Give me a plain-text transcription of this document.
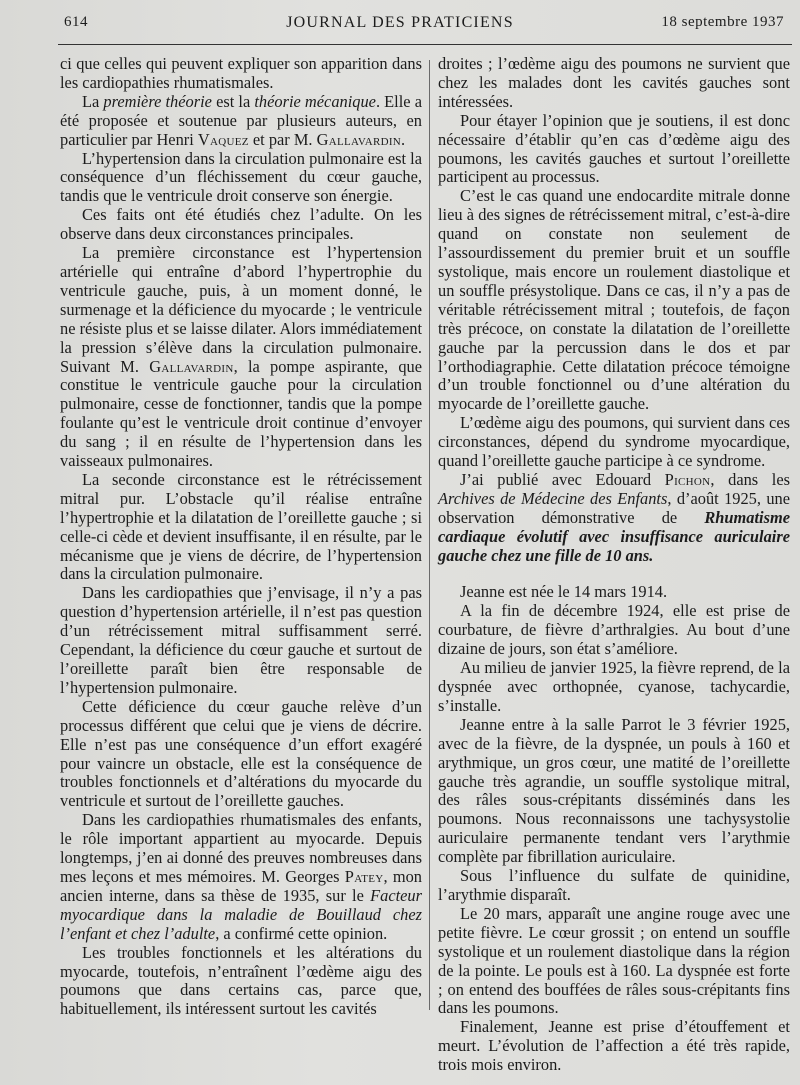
614	JOURNAL DES PRATICIENS	18 septembre 1937

ci que celles qui peuvent expliquer son apparition dans les cardiopathies rhumatismales.

La première théorie est la théorie mécanique. Elle a été proposée et soutenue par plusieurs auteurs, en particulier par Henri Vaquez et par M. Gallavardin.

L’hypertension dans la circulation pulmonaire est la conséquence d’un fléchissement du cœur gauche, tandis que le ventricule droit conserve son énergie.

Ces faits ont été étudiés chez l’adulte. On les observe dans deux circonstances principales.

La première circonstance est l’hypertension artérielle qui entraîne d’abord l’hypertrophie du ventricule gauche, puis, à un moment donné, le surmenage et la déficience du myocarde ; le ventricule ne résiste plus et se laisse dilater. Alors immédiatement la pression s’élève dans la circulation pulmonaire. Suivant M. Gallavardin, la pompe aspirante, que constitue le ventricule gauche pour la circulation pulmonaire, cesse de fonctionner, tandis que la pompe foulante qu’est le ventricule droit continue d’envoyer du sang ; il en résulte de l’hypertension dans les vaisseaux pulmonaires.

La seconde circonstance est le rétrécissement mitral pur. L’obstacle qu’il réalise entraîne l’hypertrophie et la dilatation de l’oreillette gauche ; si celle-ci cède et devient insuffisante, il en résulte, par le mécanisme que je viens de décrire, de l’hypertension dans la circulation pulmonaire.

Dans les cardiopathies que j’envisage, il n’y a pas question d’hypertension artérielle, il n’est pas question d’un rétrécissement mitral suffisamment serré. Cependant, la déficience du cœur gauche et surtout de l’oreillette paraît bien être responsable de l’hypertension pulmonaire.

Cette déficience du cœur gauche relève d’un processus différent que celui que je viens de décrire. Elle n’est pas une conséquence d’un effort exagéré pour vaincre un obstacle, elle est la conséquence de troubles fonctionnels et d’altérations du myocarde du ventricule et surtout de l’oreillette gauches.

Dans les cardiopathies rhumatismales des enfants, le rôle important appartient au myocarde. Depuis longtemps, j’en ai donné des preuves nombreuses dans mes leçons et mes mémoires. M. Georges Patey, mon ancien interne, dans sa thèse de 1935, sur le Facteur myocardique dans la maladie de Bouillaud chez l’enfant et chez l’adulte, a confirmé cette opinion.

Les troubles fonctionnels et les altérations du myocarde, toutefois, n’entraînent l’œdème aigu des poumons que dans certains cas, parce que, habituellement, ils intéressent surtout les cavités

droites ; l’œdème aigu des poumons ne survient que chez les malades dont les cavités gauches sont intéressées.

Pour étayer l’opinion que je soutiens, il est donc nécessaire d’établir qu’en cas d’œdème aigu des poumons, les cavités gauches et surtout l’oreillette participent au processus.

C’est le cas quand une endocardite mitrale donne lieu à des signes de rétrécissement mitral, c’est-à-dire quand on constate non seulement de l’assourdissement du premier bruit et un souffle systolique, mais encore un roulement diastolique et un souffle présystolique. Dans ce cas, il n’y a pas de véritable rétrécissement mitral ; toutefois, de façon très précoce, on constate la dilatation de l’oreillette gauche par la percussion dans le dos et par l’orthodiagraphie. Cette dilatation précoce témoigne d’un trouble fonctionnel ou d’une altération du myocarde de l’oreillette gauche.

L’œdème aigu des poumons, qui survient dans ces circonstances, dépend du syndrome myocardique, quand l’oreillette gauche participe à ce syndrome.

J’ai publié avec Edouard Pichon, dans les Archives de Médecine des Enfants, d’août 1925, une observation démonstrative de Rhumatisme cardiaque évolutif avec insuffisance auriculaire gauche chez une fille de 10 ans.

Jeanne est née le 14 mars 1914.

A la fin de décembre 1924, elle est prise de courbature, de fièvre d’arthralgies. Au bout d’une dizaine de jours, son état s’améliore.

Au milieu de janvier 1925, la fièvre reprend, de la dyspnée avec orthopnée, cyanose, tachycardie, s’installe.

Jeanne entre à la salle Parrot le 3 février 1925, avec de la fièvre, de la dyspnée, un pouls à 160 et arythmique, un gros cœur, une matité de l’oreillette gauche très agrandie, un souffle systolique mitral, des râles sous-crépitants disséminés dans les poumons. Nous reconnaissons une tachysystolie auriculaire permanente tendant vers l’arythmie complète par fibrillation auriculaire.

Sous l’influence du sulfate de quinidine, l’arythmie disparaît.

Le 20 mars, apparaît une angine rouge avec une petite fièvre. Le cœur grossit ; on entend un souffle systolique et un roulement diastolique dans la région de la pointe. Le pouls est à 160. La dyspnée est forte ; on entend des bouffées de râles sous-crépitants fins dans les poumons.

Finalement, Jeanne est prise d’étouffement et meurt. L’évolution de l’affection a été très rapide, trois mois environ.
